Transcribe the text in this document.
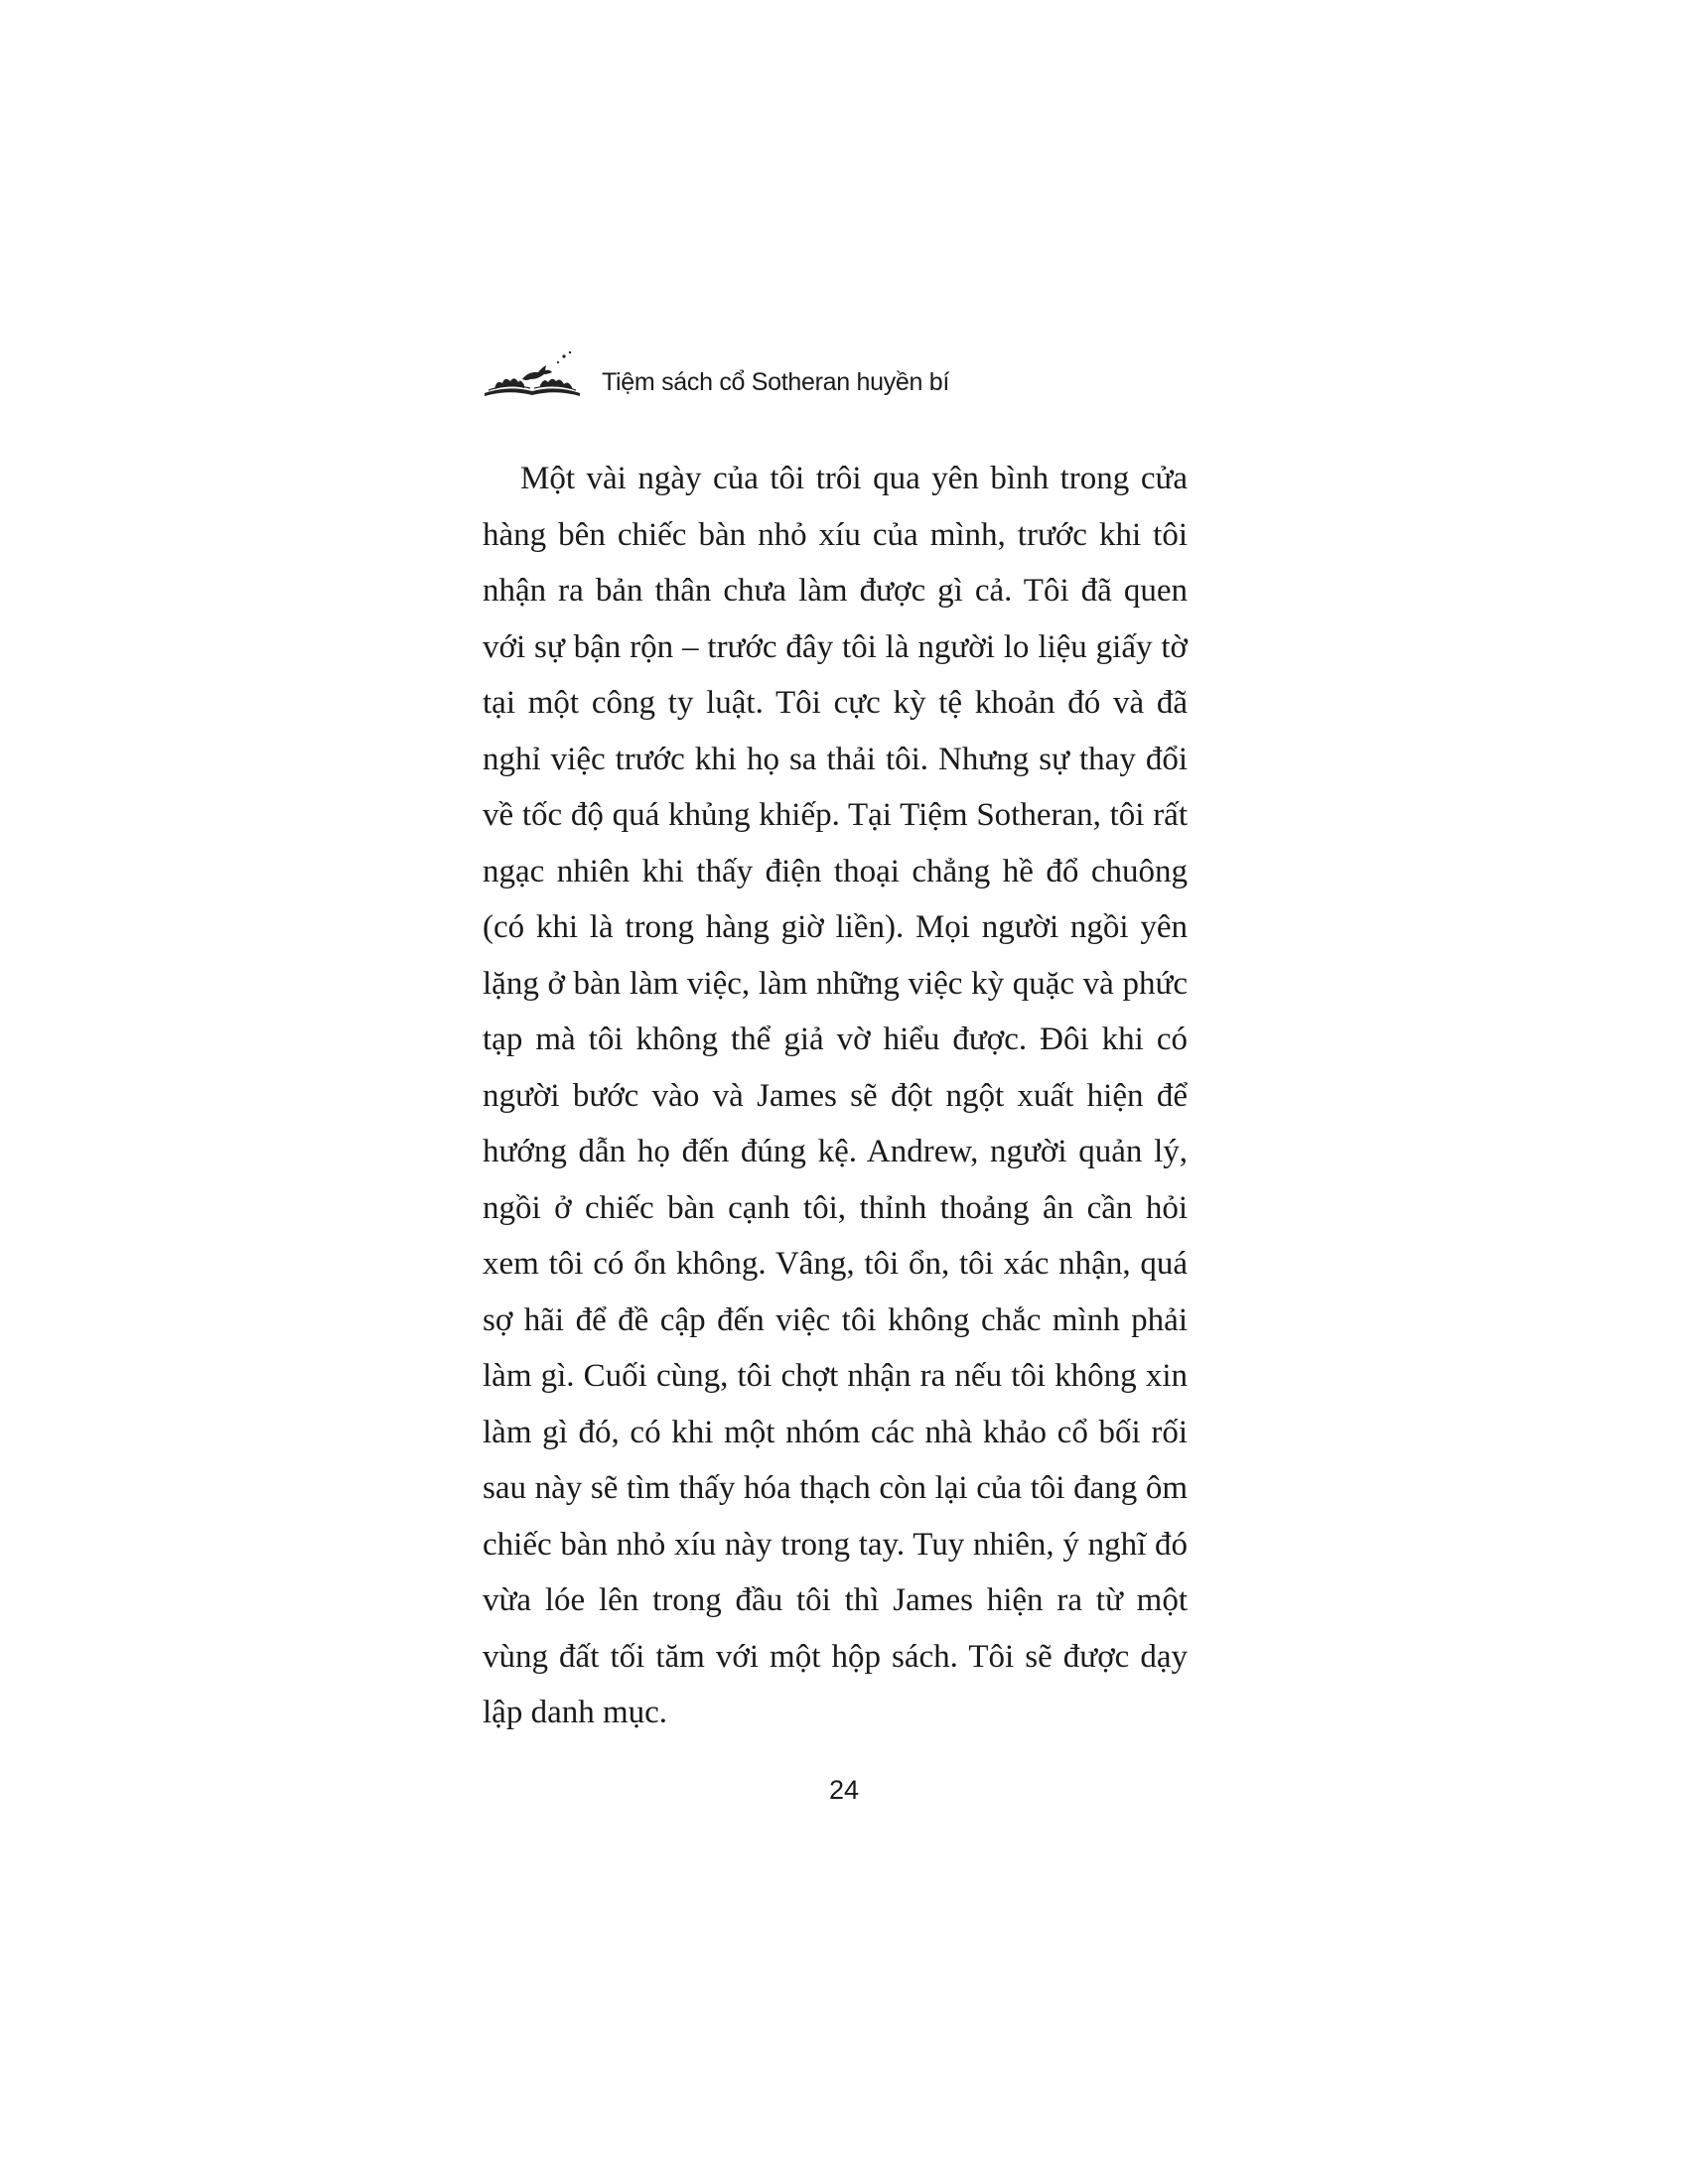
Tiệm sách cổ Sotheran huyền bí

Một vài ngày của tôi trôi qua yên bình trong cửa hàng bên chiếc bàn nhỏ xíu của mình, trước khi tôi nhận ra bản thân chưa làm được gì cả. Tôi đã quen với sự bận rộn – trước đây tôi là người lo liệu giấy tờ tại một công ty luật. Tôi cực kỳ tệ khoản đó và đã nghỉ việc trước khi họ sa thải tôi. Nhưng sự thay đổi về tốc độ quá khủng khiếp. Tại Tiệm Sotheran, tôi rất ngạc nhiên khi thấy điện thoại chẳng hề đổ chuông (có khi là trong hàng giờ liền). Mọi người ngồi yên lặng ở bàn làm việc, làm những việc kỳ quặc và phức tạp mà tôi không thể giả vờ hiểu được. Đôi khi có người bước vào và James sẽ đột ngột xuất hiện để hướng dẫn họ đến đúng kệ. Andrew, người quản lý, ngồi ở chiếc bàn cạnh tôi, thỉnh thoảng ân cần hỏi xem tôi có ổn không. Vâng, tôi ổn, tôi xác nhận, quá sợ hãi để đề cập đến việc tôi không chắc mình phải làm gì. Cuối cùng, tôi chợt nhận ra nếu tôi không xin làm gì đó, có khi một nhóm các nhà khảo cổ bối rối sau này sẽ tìm thấy hóa thạch còn lại của tôi đang ôm chiếc bàn nhỏ xíu này trong tay. Tuy nhiên, ý nghĩ đó vừa lóe lên trong đầu tôi thì James hiện ra từ một vùng đất tối tăm với một hộp sách. Tôi sẽ được dạy lập danh mục.

24
